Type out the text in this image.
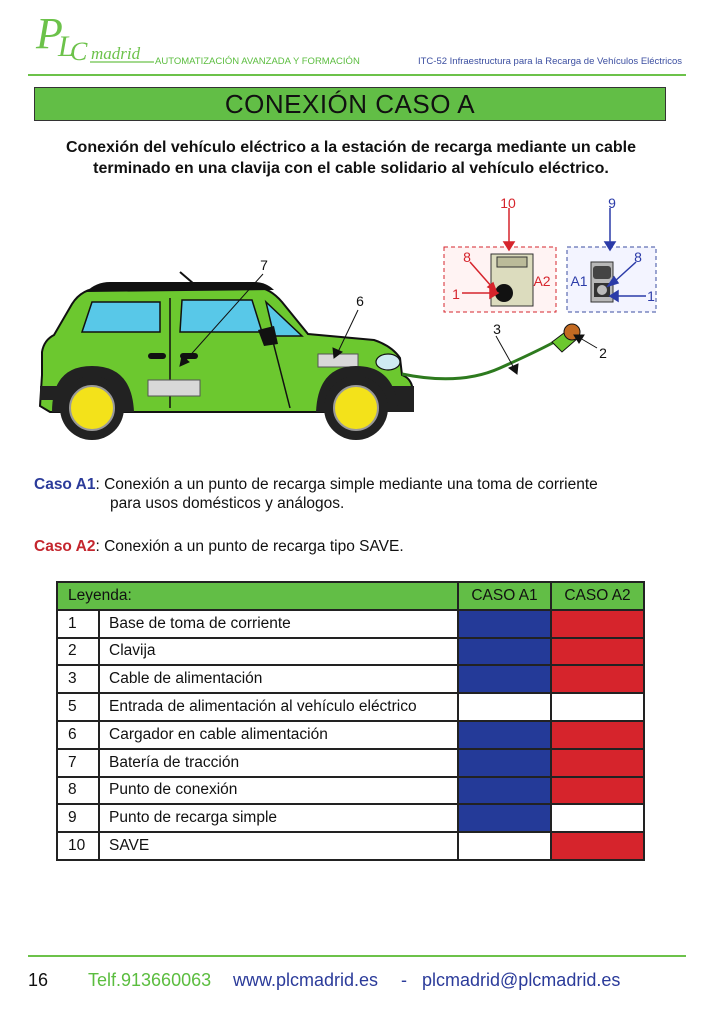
P
L
C madrid AUTOMATIZACIÓN AVANZADA Y FORMACIÓN	ITC-52 Infraestructura para la Recarga de Vehículos Eléctricos
CONEXIÓN CASO A
Conexión del vehículo eléctrico a la estación de recarga mediante un cable terminado en una clavija con el cable solidario al vehículo eléctrico.
10	9
8
A2
1
A1
8
1
7
6
3
2
Caso A1: Conexión a un punto de recarga simple mediante una toma de corriente
para usos domésticos y análogos.
Caso A2: Conexión a un punto de recarga tipo SAVE.
Leyenda:		CASO A1	CASO A2
1	Base de toma de corriente		
2	Clavija		
3	Cable de alimentación		
5	Entrada de alimentación al vehículo eléctrico		
6	Cargador en cable alimentación		
7	Batería de tracción		
8	Punto de conexión		
9	Punto de recarga simple		
10	SAVE		
16 Telf.913660063 www.plcmadrid.es - plcmadrid@plcmadrid.es
